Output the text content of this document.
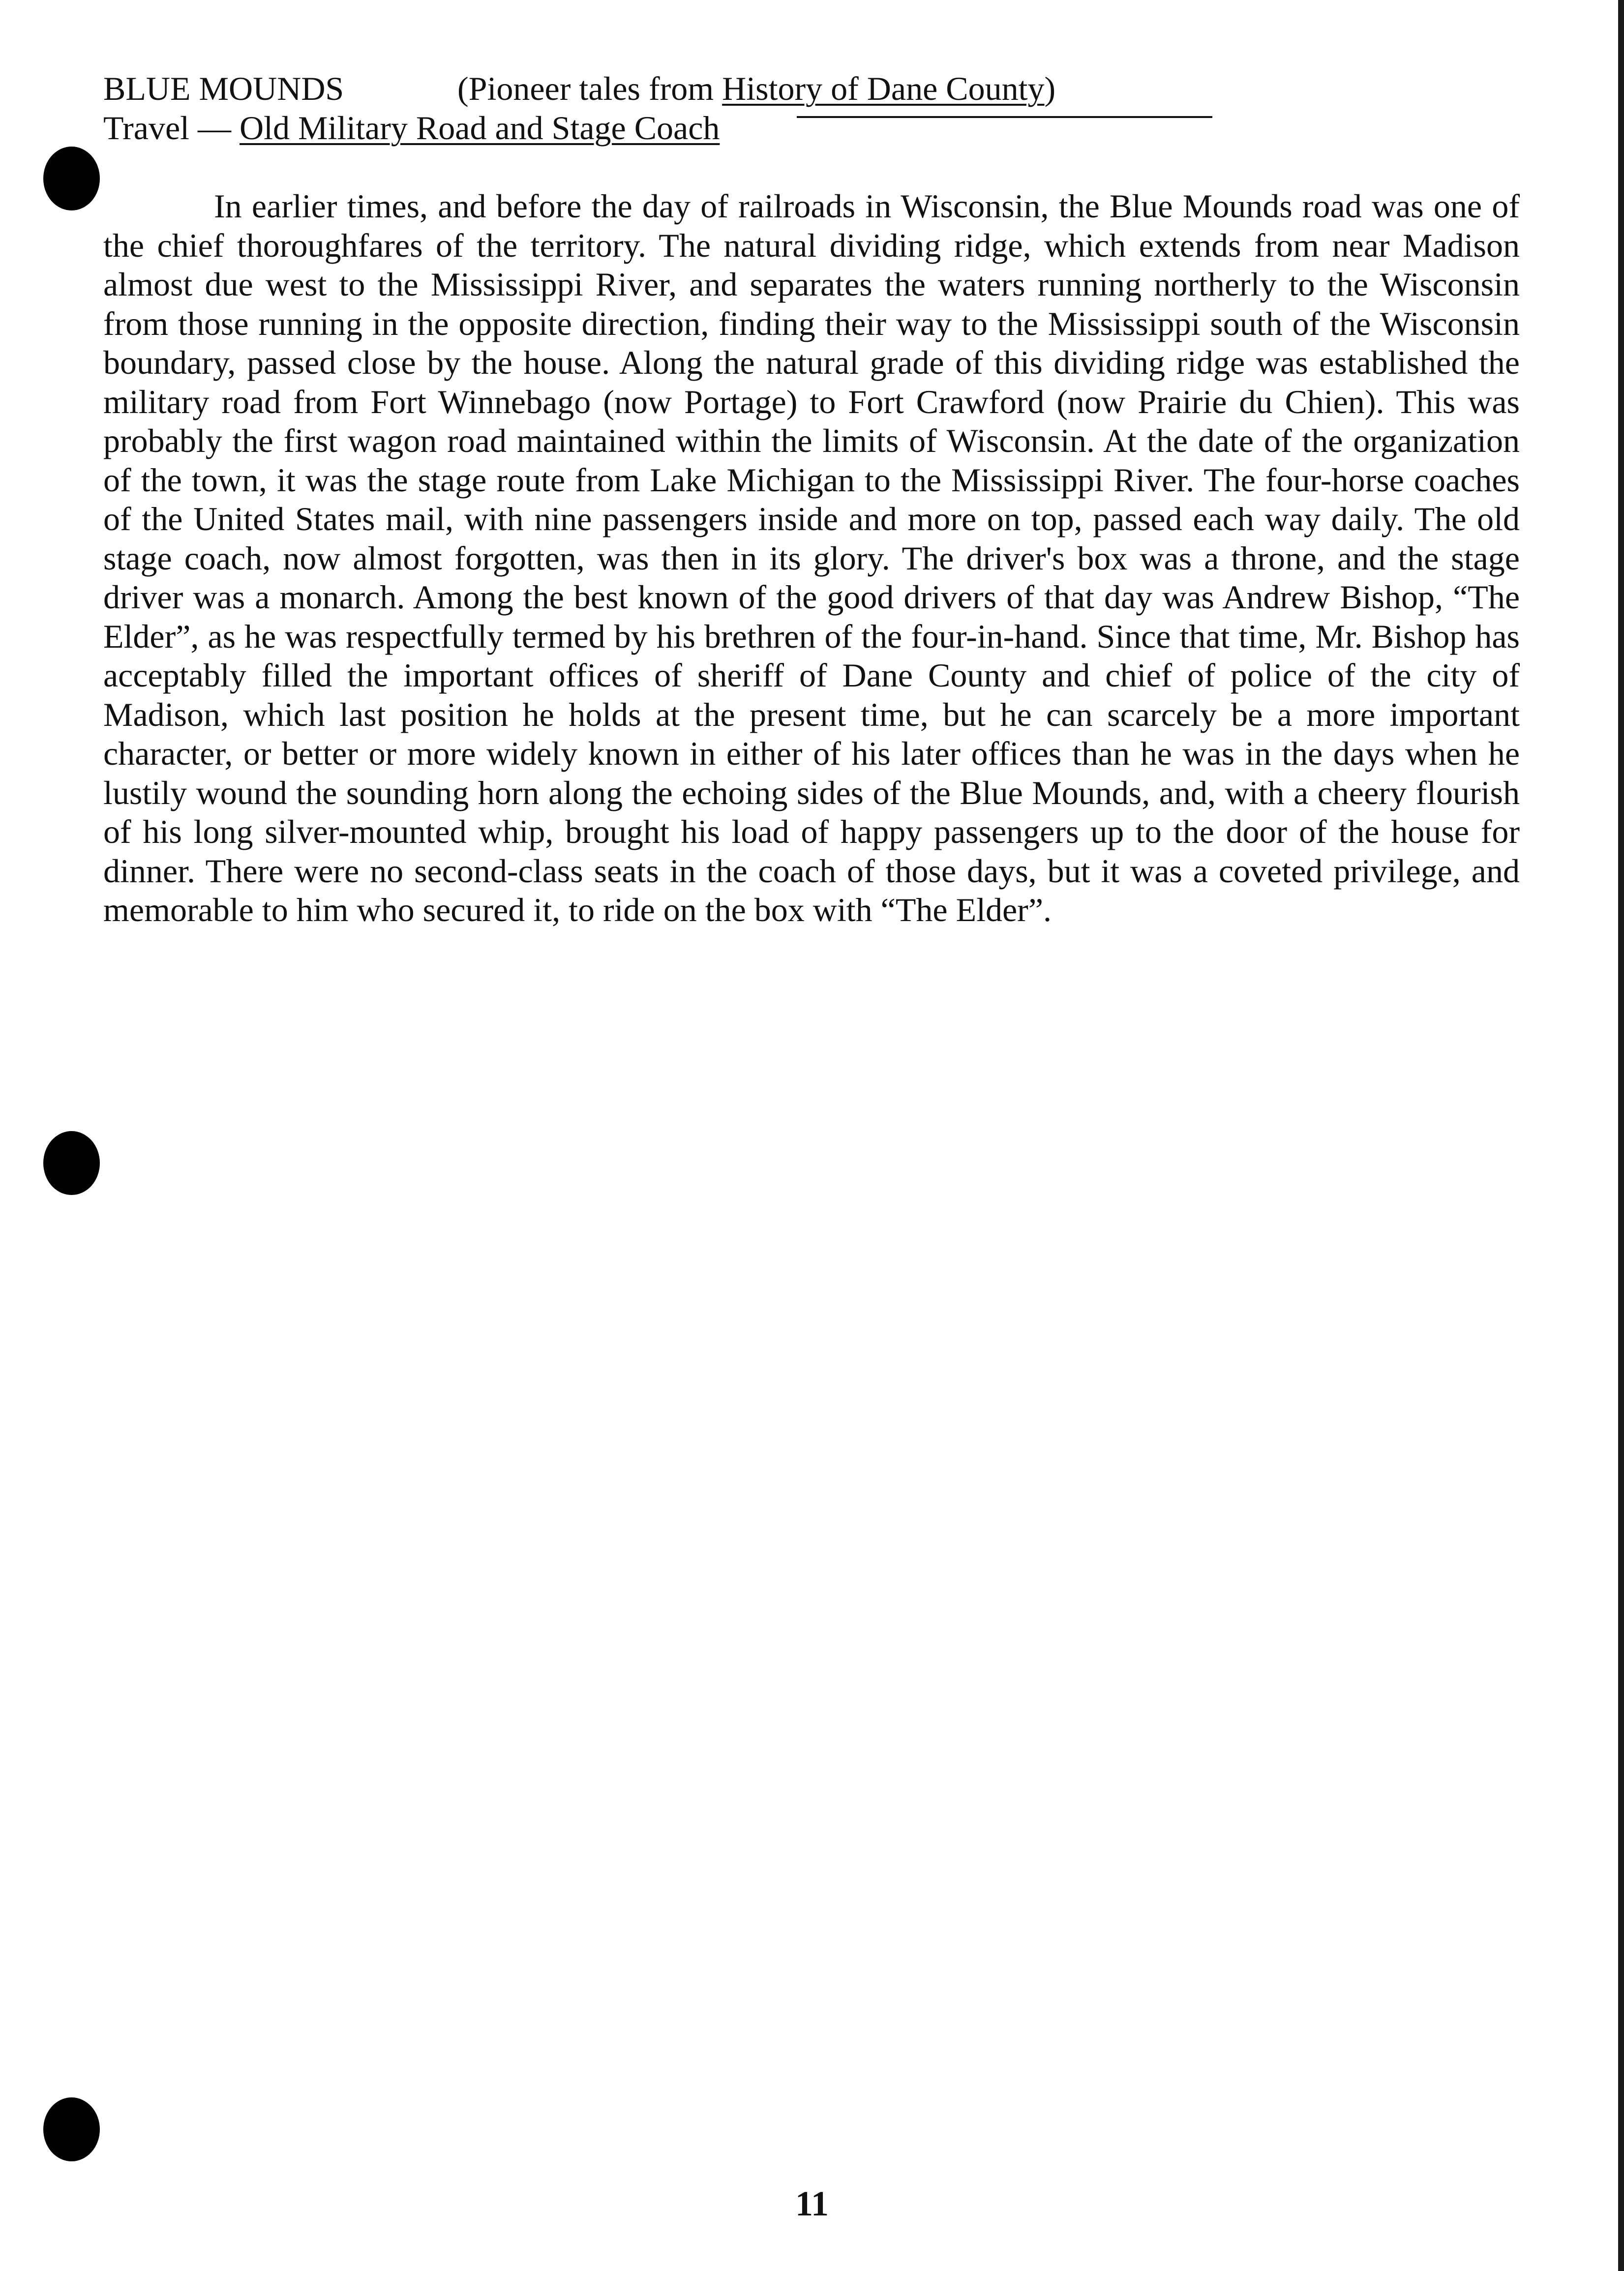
BLUE MOUNDS	(Pioneer tales from History of Dane County)
Travel — Old Military Road and Stage Coach

In earlier times, and before the day of railroads in Wisconsin, the Blue Mounds road was one of the chief thoroughfares of the territory. The natural dividing ridge, which extends from near Madison almost due west to the Mississippi River, and separates the waters running northerly to the Wisconsin from those running in the opposite direction, finding their way to the Mississippi south of the Wisconsin boundary, passed close by the house. Along the natural grade of this dividing ridge was established the military road from Fort Winnebago (now Portage) to Fort Crawford (now Prairie du Chien). This was probably the first wagon road maintained within the limits of Wisconsin. At the date of the organization of the town, it was the stage route from Lake Michigan to the Mississippi River. The four-horse coaches of the United States mail, with nine passengers inside and more on top, passed each way daily. The old stage coach, now almost forgotten, was then in its glory. The driver's box was a throne, and the stage driver was a monarch. Among the best known of the good drivers of that day was Andrew Bishop, “The Elder”, as he was respectfully termed by his brethren of the four-in-hand. Since that time, Mr. Bishop has acceptably filled the important offices of sheriff of Dane County and chief of police of the city of Madison, which last position he holds at the present time, but he can scarcely be a more important character, or better or more widely known in either of his later offices than he was in the days when he lustily wound the sounding horn along the echoing sides of the Blue Mounds, and, with a cheery flourish of his long silver-mounted whip, brought his load of happy passengers up to the door of the house for dinner. There were no second-class seats in the coach of those days, but it was a coveted privilege, and memorable to him who secured it, to ride on the box with “The Elder”.

11
